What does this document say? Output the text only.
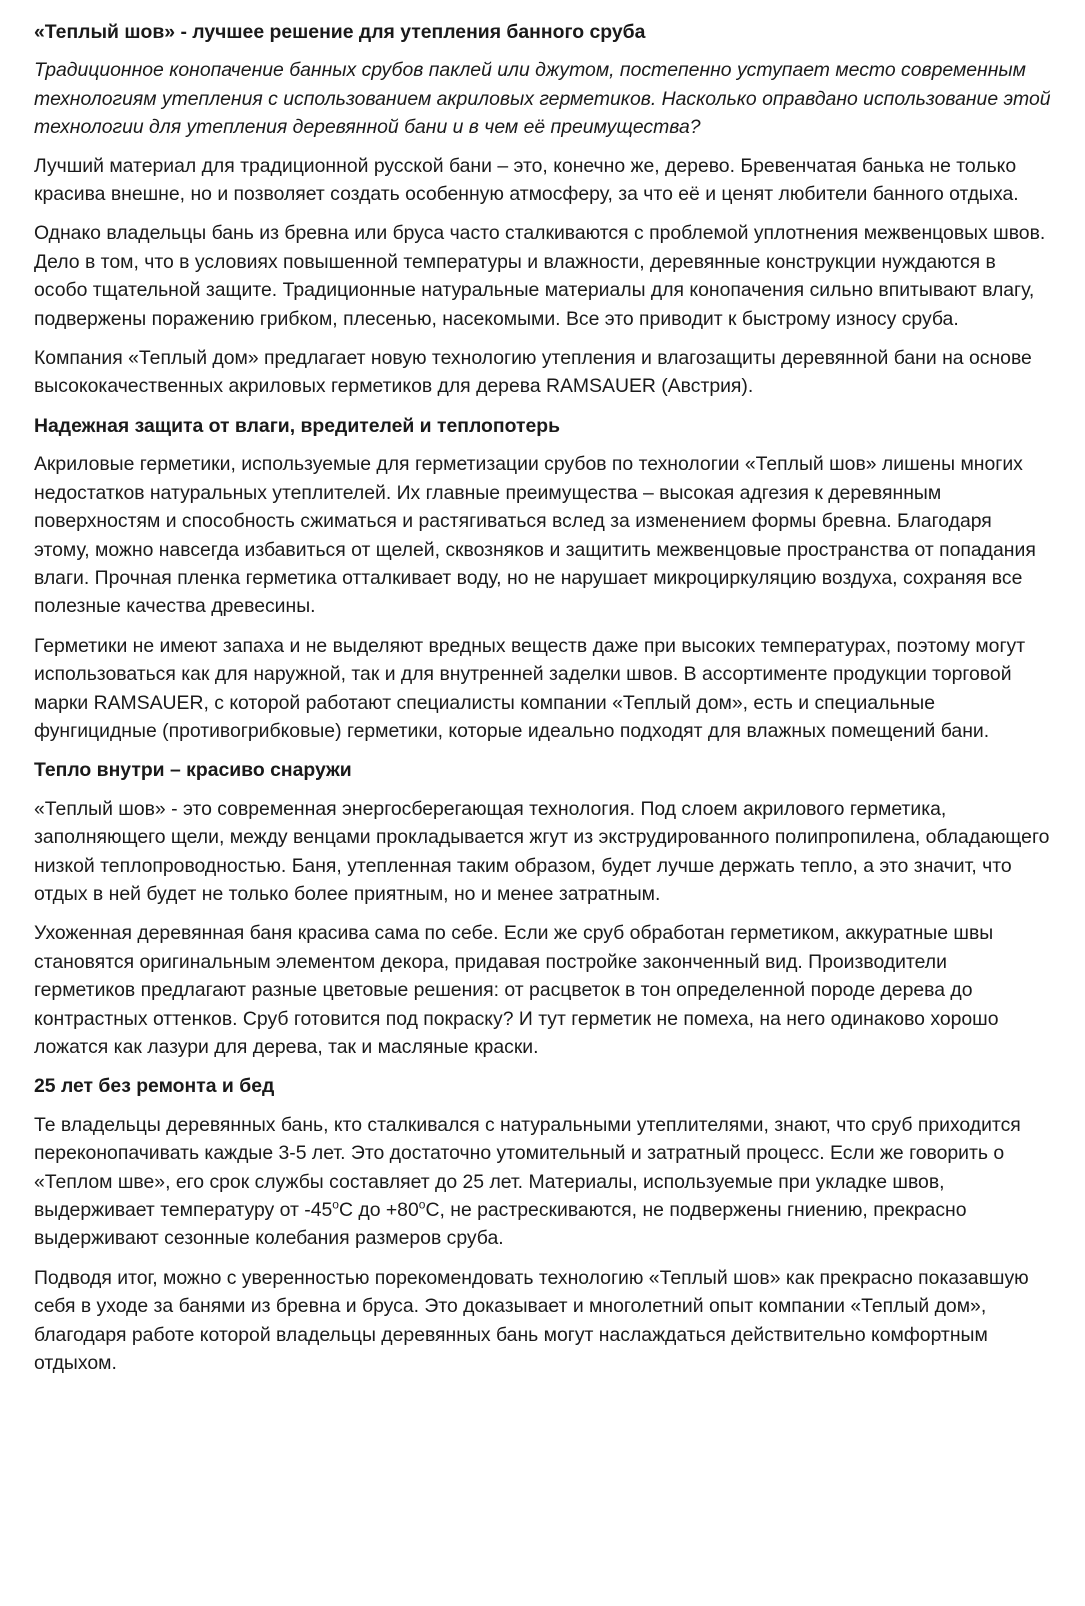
«Теплый шов» - лучшее решение для утепления банного сруба

Традиционное конопачение банных срубов паклей или джутом, постепенно уступает место современным технологиям утепления с использованием акриловых герметиков. Насколько оправдано использование этой технологии для утепления деревянной бани и в чем её преимущества?

Лучший материал для традиционной русской бани – это, конечно же, дерево. Бревенчатая банька не только красива внешне, но и позволяет создать особенную атмосферу, за что её и ценят любители банного отдыха.

Однако владельцы бань из бревна или бруса часто сталкиваются с проблемой уплотнения межвенцовых швов. Дело в том, что в условиях повышенной температуры и влажности, деревянные конструкции нуждаются в особо тщательной защите. Традиционные натуральные материалы для конопачения сильно впитывают влагу, подвержены поражению грибком, плесенью, насекомыми. Все это приводит к быстрому износу сруба.

Компания «Теплый дом» предлагает новую технологию утепления и влагозащиты деревянной бани на основе высококачественных акриловых герметиков для дерева RAMSAUER (Австрия).

Надежная защита от влаги, вредителей и теплопотерь

Акриловые герметики, используемые для герметизации срубов по технологии «Теплый шов» лишены многих недостатков натуральных утеплителей. Их главные преимущества – высокая адгезия к деревянным поверхностям и способность сжиматься и растягиваться вслед за изменением формы бревна. Благодаря этому, можно навсегда избавиться от щелей, сквозняков и защитить межвенцовые пространства от попадания влаги. Прочная пленка герметика отталкивает воду, но не нарушает микроциркуляцию воздуха, сохраняя все полезные качества древесины.

Герметики не имеют запаха и не выделяют вредных веществ даже при высоких температурах, поэтому могут использоваться как для наружной, так и для внутренней заделки швов. В ассортименте продукции торговой марки RAMSAUER, с которой работают специалисты компании «Теплый дом», есть и специальные фунгицидные (противогрибковые) герметики, которые идеально подходят для влажных помещений бани.

Тепло внутри – красиво снаружи

«Теплый шов» - это современная энергосберегающая технология. Под слоем акрилового герметика, заполняющего щели, между венцами прокладывается жгут из экструдированного полипропилена, обладающего низкой теплопроводностью. Баня, утепленная таким образом, будет лучше держать тепло, а это значит, что отдых в ней будет не только более приятным, но и менее затратным.

Ухоженная деревянная баня красива сама по себе. Если же сруб обработан герметиком, аккуратные швы становятся оригинальным элементом декора, придавая постройке законченный вид. Производители герметиков предлагают разные цветовые решения: от расцветок в тон определенной породе дерева до контрастных оттенков. Сруб готовится под покраску? И тут герметик не помеха, на него одинаково хорошо ложатся как лазури для дерева, так и масляные краски.

25 лет без ремонта и бед

Те владельцы деревянных бань, кто сталкивался с натуральными утеплителями, знают, что сруб приходится переконопачивать каждые 3-5 лет. Это достаточно утомительный и затратный процесс. Если же говорить о «Теплом шве», его срок службы составляет до 25 лет. Материалы, используемые при укладке швов, выдерживает температуру от -45$^o$С до $+80^oС$, не растрескиваются, не подвержены гниению, прекрасно выдерживают сезонные колебания размеров сруба.

Подводя итог, можно с уверенностью порекомендовать технологию «Теплый шов» как прекрасно показавшую себя в уходе за банями из бревна и бруса. Это доказывает и многолетний опыт компании «Теплый дом», благодаря работе которой владельцы деревянных бань могут наслаждаться действительно комфортным отдыхом.
